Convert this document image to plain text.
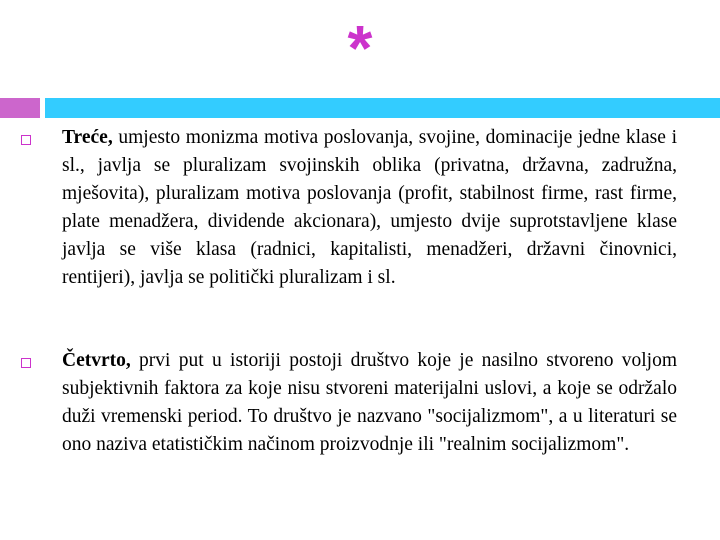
*
Treće, umjesto monizma motiva poslovanja, svojine, dominacije jedne klase i sl., javlja se pluralizam svojinskih oblika (privatna, državna, zadružna, mješovita), pluralizam motiva poslovanja (profit, stabilnost firme, rast firme, plate menadžera, dividende akcionara), umjesto dvije suprotstavljene klase javlja se više klasa (radnici, kapitalisti, menadžeri, državni činovnici, rentijeri), javlja se politički pluralizam i sl.
Četvrto, prvi put u istoriji postoji društvo koje je nasilno stvoreno voljom subjektivnih faktora za koje nisu stvoreni materijalni uslovi, a koje se održalo duži vremenski period. To društvo je nazvano "socijalizmom", a u literaturi se ono naziva etatističkim načinom proizvodnje ili "realnim socijalizmom".
